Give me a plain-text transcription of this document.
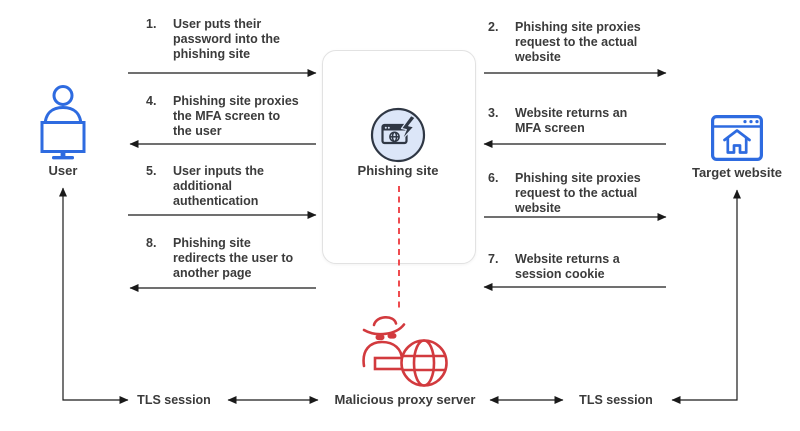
User	Phishing site	Target website
Malicious proxy server
1.	User puts their password into the phishing site
2.	Phishing site proxies request to the actual website
3.	Website returns an MFA screen
4.	Phishing site proxies the MFA screen to the user
5.	User inputs the additional authentication
6.	Phishing site proxies request to the actual website
7.	Website returns a session cookie
8.	Phishing site redirects the user to another page
TLS session	TLS session
